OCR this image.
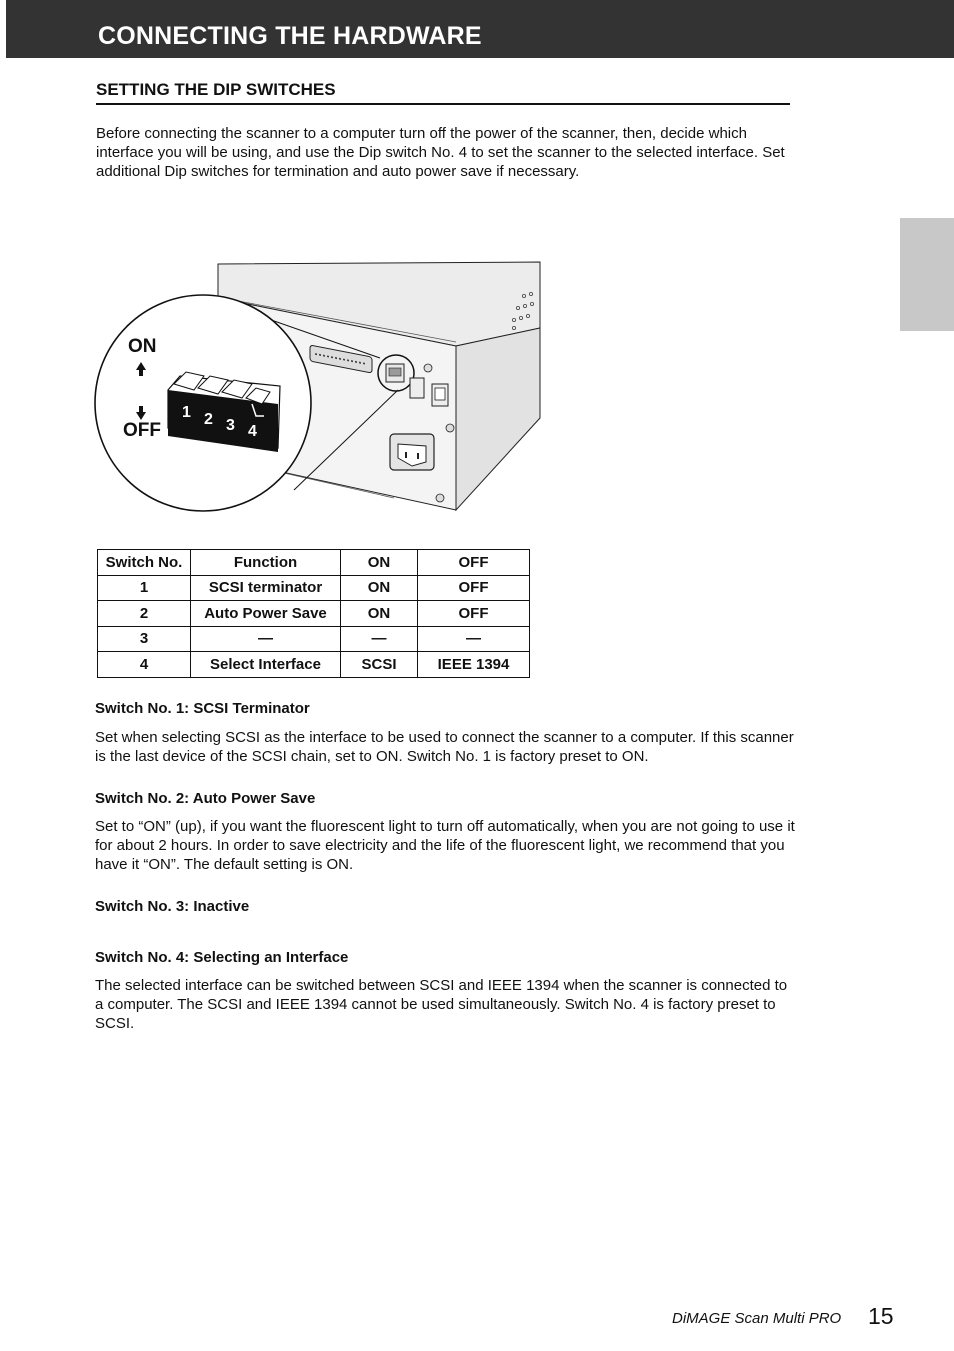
CONNECTING THE HARDWARE
SETTING THE DIP SWITCHES

Before connecting the scanner to a computer turn off the power of the scanner, then, decide which interface you will be using, and use the Dip switch No. 4 to set the scanner to the selected interface. Set additional Dip switches for termination and auto power save if necessary.

ON
OFF
1 2 3 4
Switch No.	Function	ON	OFF
1	SCSI terminator	ON	OFF
2	Auto Power Save	ON	OFF
3	—	—	—
4	Select Interface	SCSI	IEEE 1394
Switch No. 1: SCSI Terminator

Set when selecting SCSI as the interface to be used to connect the scanner to a computer. If this scanner is the last device of the SCSI chain, set to ON. Switch No. 1 is factory preset to ON.

Switch No. 2: Auto Power Save

Set to “ON” (up), if you want the fluorescent light to turn off automatically, when you are not going to use it for about 2 hours. In order to save electricity and the life of the fluorescent light, we recommend that you have it “ON”. The default setting is ON.

Switch No. 3: Inactive
Switch No. 4: Selecting an Interface

The selected interface can be switched between SCSI and IEEE 1394 when the scanner is connected to a computer. The SCSI and IEEE 1394 cannot be used simultaneously. Switch No. 4 is factory preset to SCSI.

DiMAGE Scan Multi PRO 15
